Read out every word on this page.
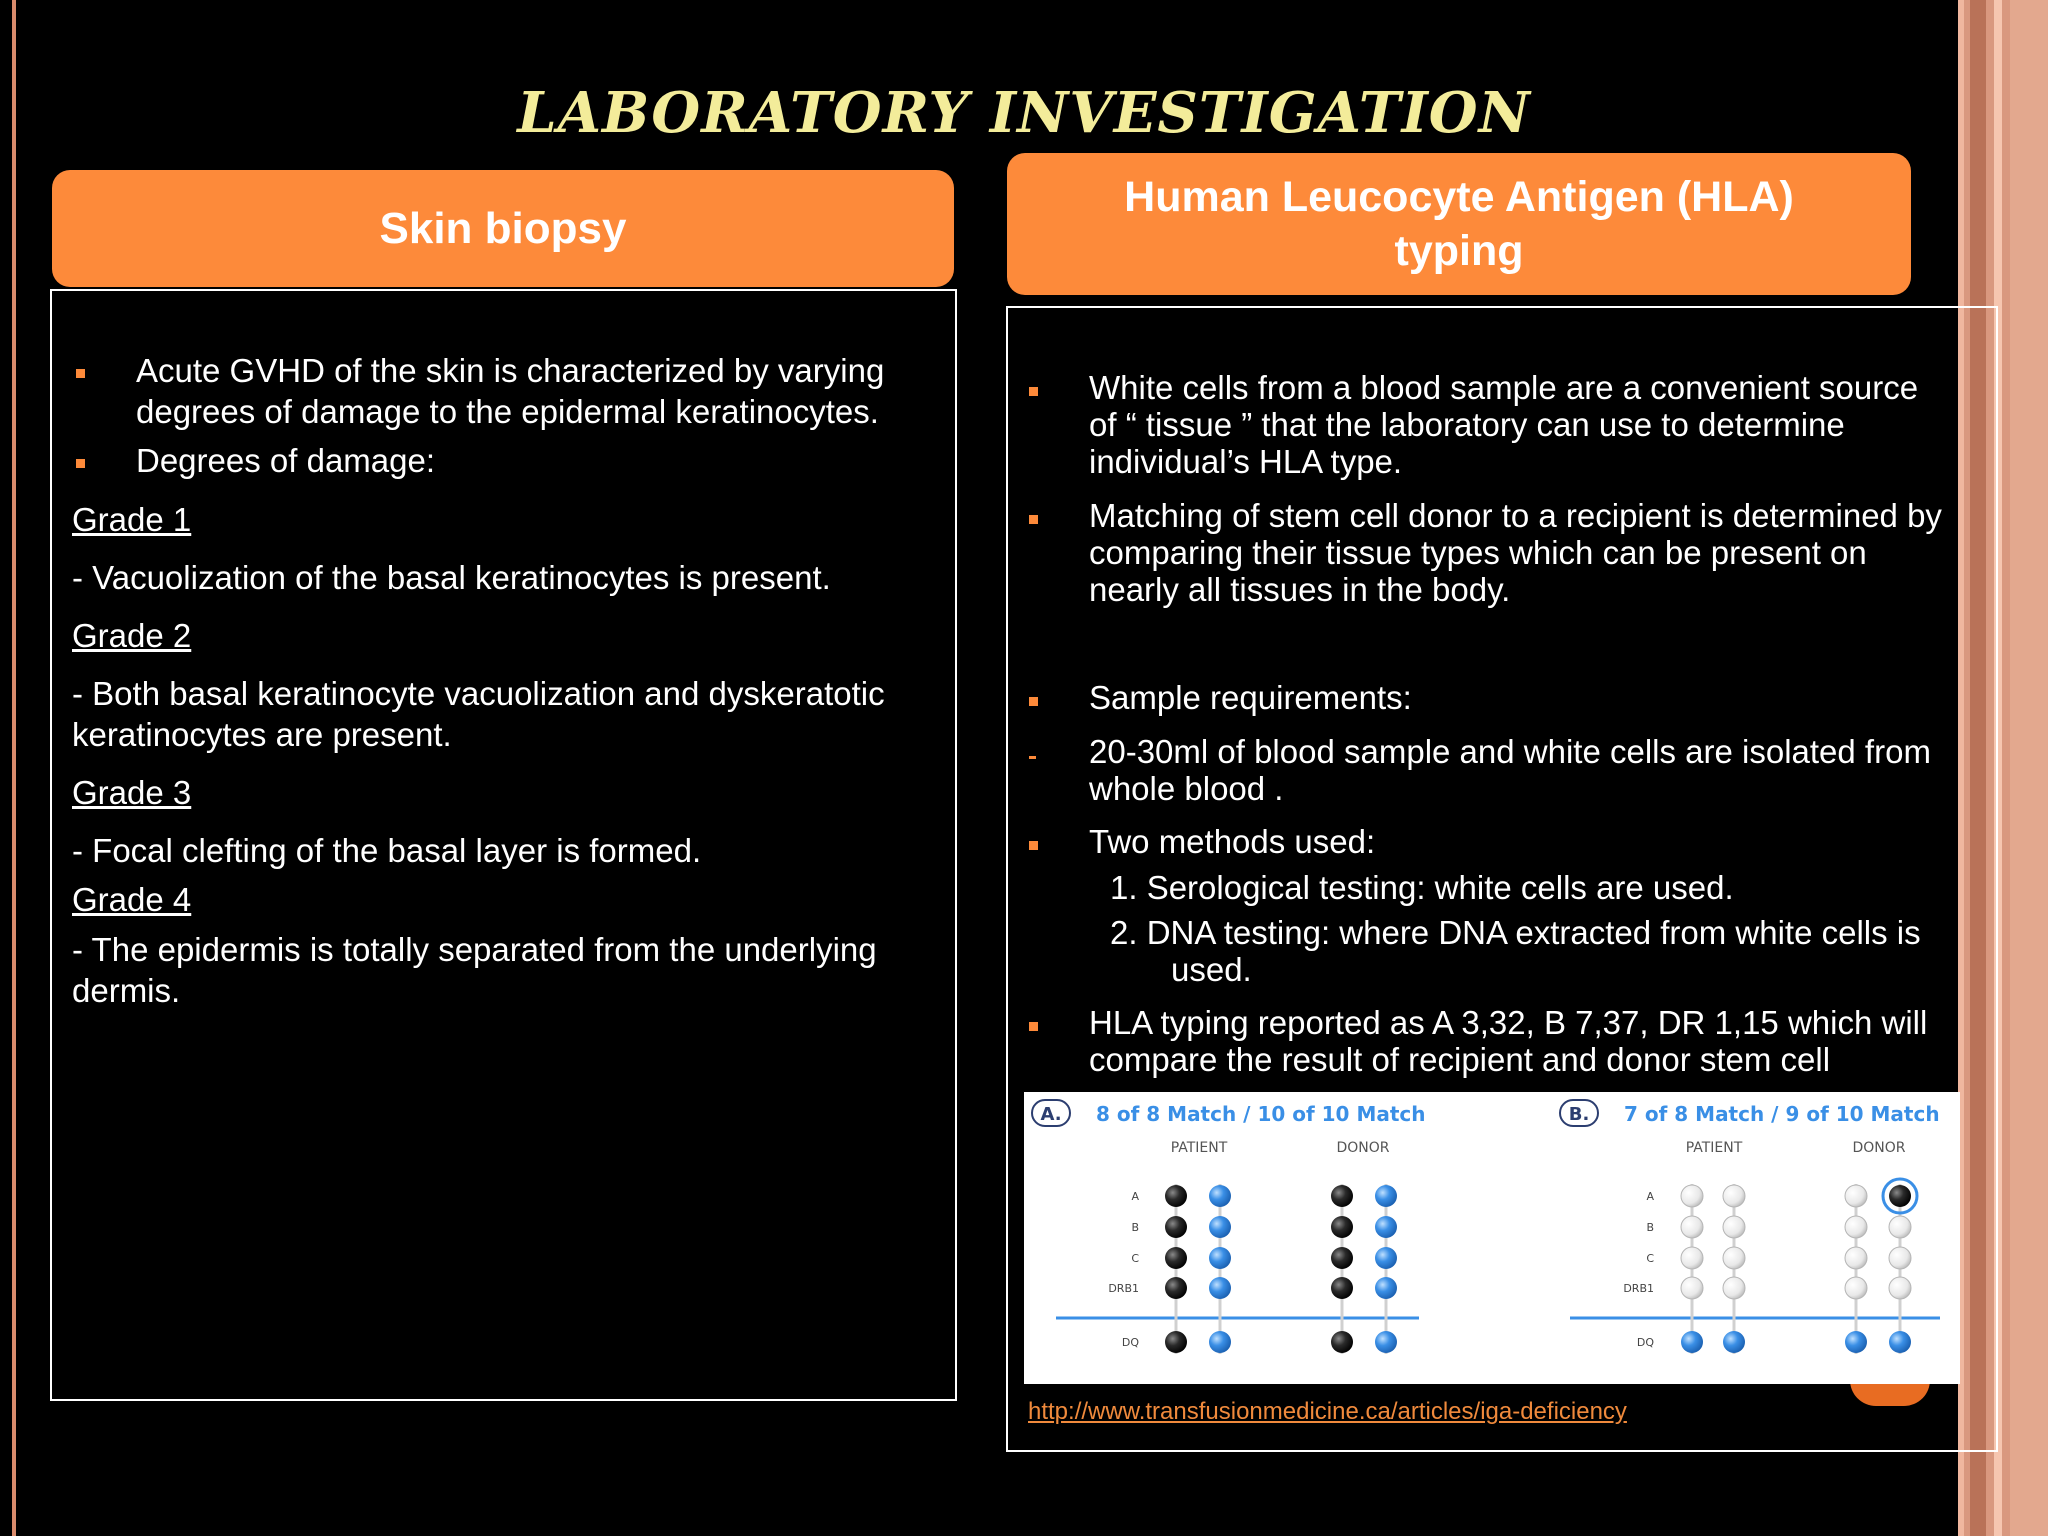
LABORATORY INVESTIGATION
Skin biopsy
Acute GVHD of the skin is characterized by varying
degrees of damage to the epidermal keratinocytes.
Degrees of damage:
Grade 1
- Vacuolization of the basal keratinocytes is present.
Grade 2
- Both basal keratinocyte vacuolization and dyskeratotic
keratinocytes are present.
Grade 3
- Focal clefting of the basal layer is formed.
Grade 4
- The epidermis is totally separated from the underlying
dermis.
Human Leucocyte Antigen (HLA)
typing
White cells from a blood sample are a convenient source
of “ tissue ” that the laboratory can use to determine
individual’s HLA type.
Matching of stem cell donor to a recipient is determined by
comparing their tissue types which can be present on
nearly all tissues in the body.
Sample requirements:
20-30ml of blood sample and white cells are isolated from
whole blood .
Two methods used:
1. Serological testing: white cells are used.
2. DNA testing: where DNA extracted from white cells is
used.
HLA typing reported as A 3,32, B 7,37, DR 1,15 which will
compare the result of recipient and donor stem cell
A. 8 of 8 Match / 10 of 10 Match
PATIENT	DONOR
B. 7 of 8 Match / 9 of 10 Match
PATIENT	DONOR
A
B
C
DRB1
DQ
A
B
C
DRB1
DQ
http://www.transfusionmedicine.ca/articles/iga-deficiency
